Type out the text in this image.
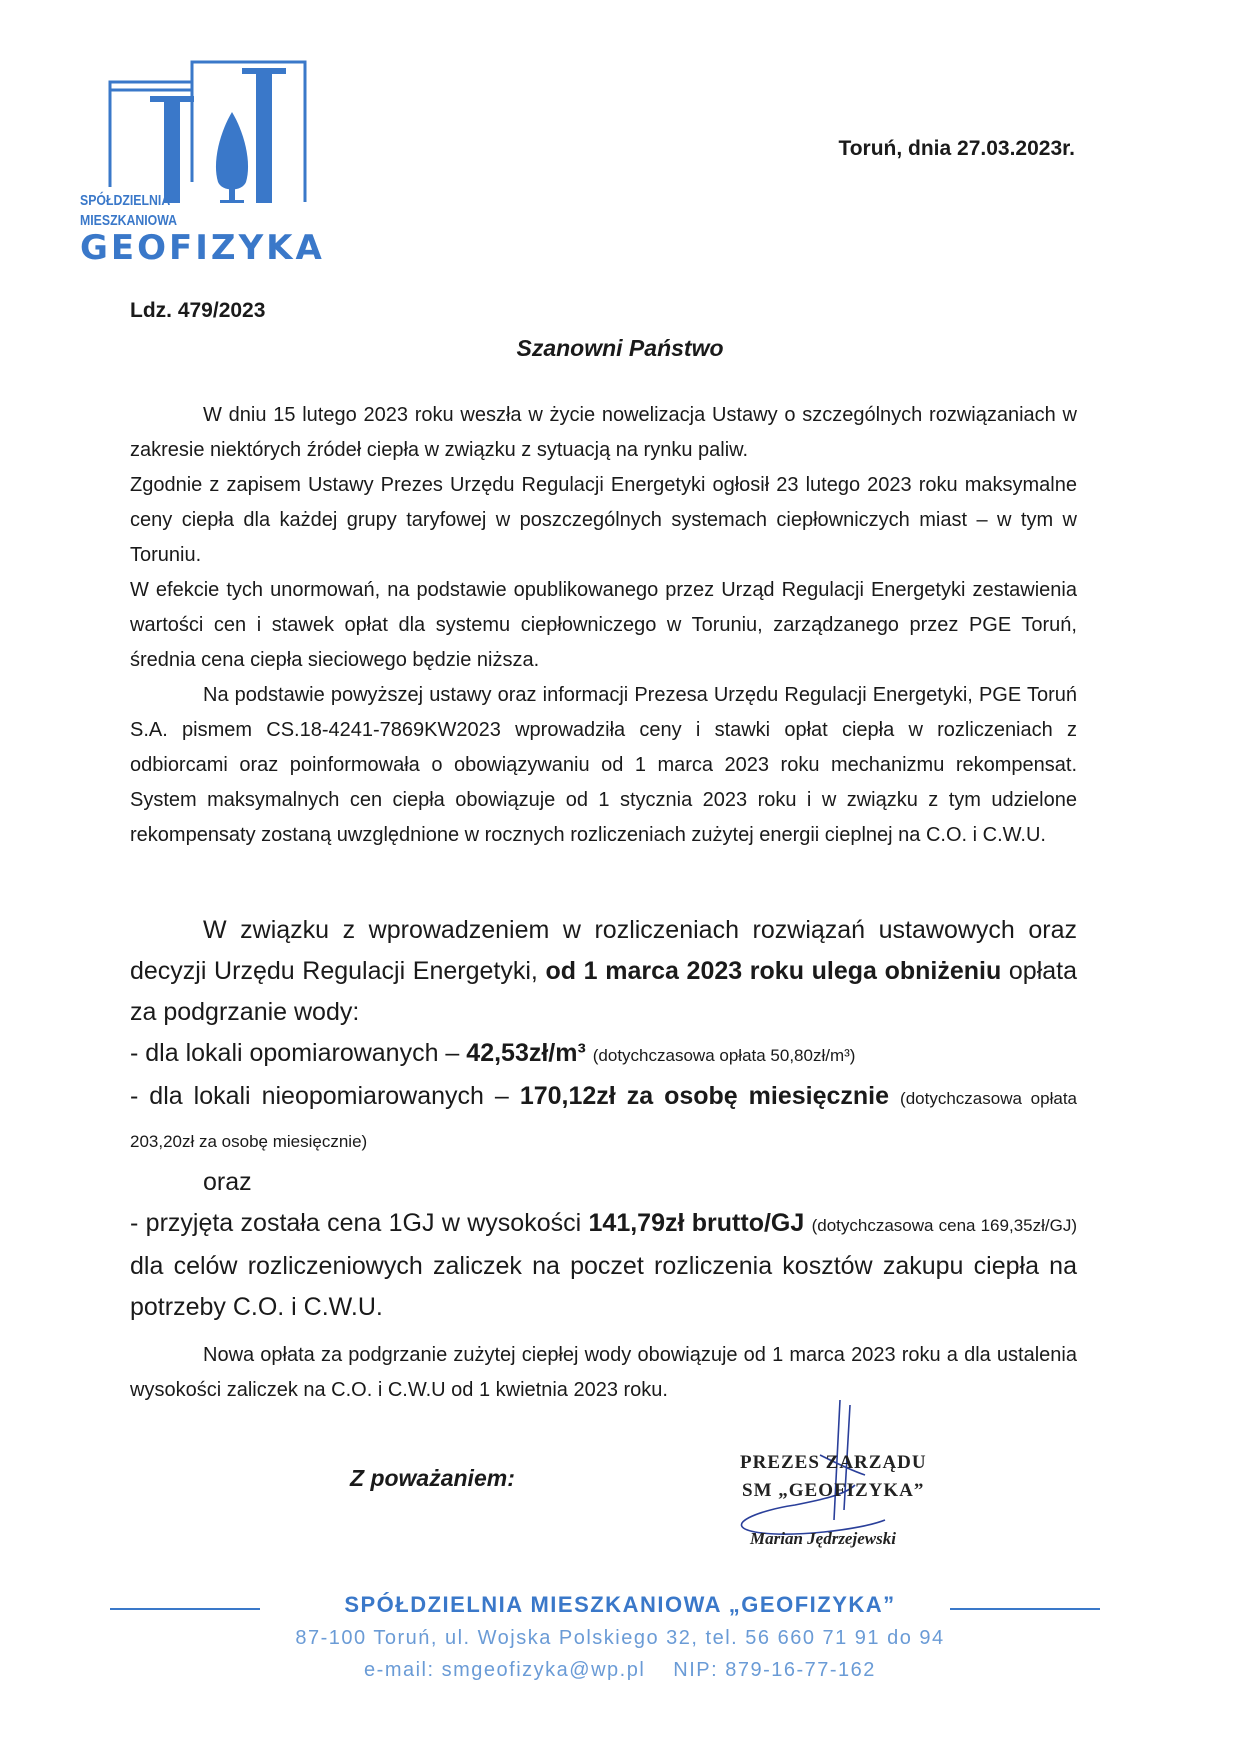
SPÓŁDZIELNIA
MIESZKANIOWA
GEOFIZYKA
Toruń, dnia 27.03.2023r.
Ldz. 479/2023
Szanowni Państwo

W dniu 15 lutego 2023 roku weszła w życie nowelizacja Ustawy o szczególnych rozwiązaniach w zakresie niektórych źródeł ciepła w związku z sytuacją na rynku paliw.

Zgodnie z zapisem Ustawy Prezes Urzędu Regulacji Energetyki ogłosił 23 lutego 2023 roku maksymalne ceny ciepła dla każdej grupy taryfowej w poszczególnych systemach ciepłowniczych miast – w tym w Toruniu.

W efekcie tych unormowań, na podstawie opublikowanego przez Urząd Regulacji Energetyki zestawienia wartości cen i stawek opłat dla systemu ciepłowniczego w Toruniu, zarządzanego przez PGE Toruń, średnia cena ciepła sieciowego będzie niższa.

Na podstawie powyższej ustawy oraz informacji Prezesa Urzędu Regulacji Energetyki, PGE Toruń S.A. pismem CS.18-4241-7869KW2023 wprowadziła ceny i stawki opłat ciepła w rozliczeniach z odbiorcami oraz poinformowała o obowiązywaniu od 1 marca 2023 roku mechanizmu rekompensat. System maksymalnych cen ciepła obowiązuje od 1 stycznia 2023 roku i w związku z tym udzielone rekompensaty zostaną uwzględnione w rocznych rozliczeniach zużytej energii cieplnej na C.O. i C.W.U.

W związku z wprowadzeniem w rozliczeniach rozwiązań ustawowych oraz decyzji Urzędu Regulacji Energetyki, od 1 marca 2023 roku ulega obniżeniu opłata za podgrzanie wody:

- dla lokali opomiarowanych – 42,53zł/m³ (dotychczasowa opłata 50,80zł/m³)

- dla lokali nieopomiarowanych – 170,12zł za osobę miesięcznie (dotychczasowa opłata 203,20zł za osobę miesięcznie)

oraz

- przyjęta została cena 1GJ w wysokości 141,79zł brutto/GJ (dotychczasowa cena 169,35zł/GJ) dla celów rozliczeniowych zaliczek na poczet rozliczenia kosztów zakupu ciepła na potrzeby C.O. i C.W.U.

Nowa opłata za podgrzanie zużytej ciepłej wody obowiązuje od 1 marca 2023 roku a dla ustalenia wysokości zaliczek na C.O. i C.W.U od 1 kwietnia 2023 roku.

Z poważaniem:
PREZES ZARZĄDU
SM „GEOFIZYKA”
Marian Jędrzejewski
SPÓŁDZIELNIA MIESZKANIOWA „GEOFIZYKA”
87-100 Toruń, ul. Wojska Polskiego 32, tel. 56 660 71 91 do 94
e-mail: smgeofizyka@wp.pl NIP: 879-16-77-162
